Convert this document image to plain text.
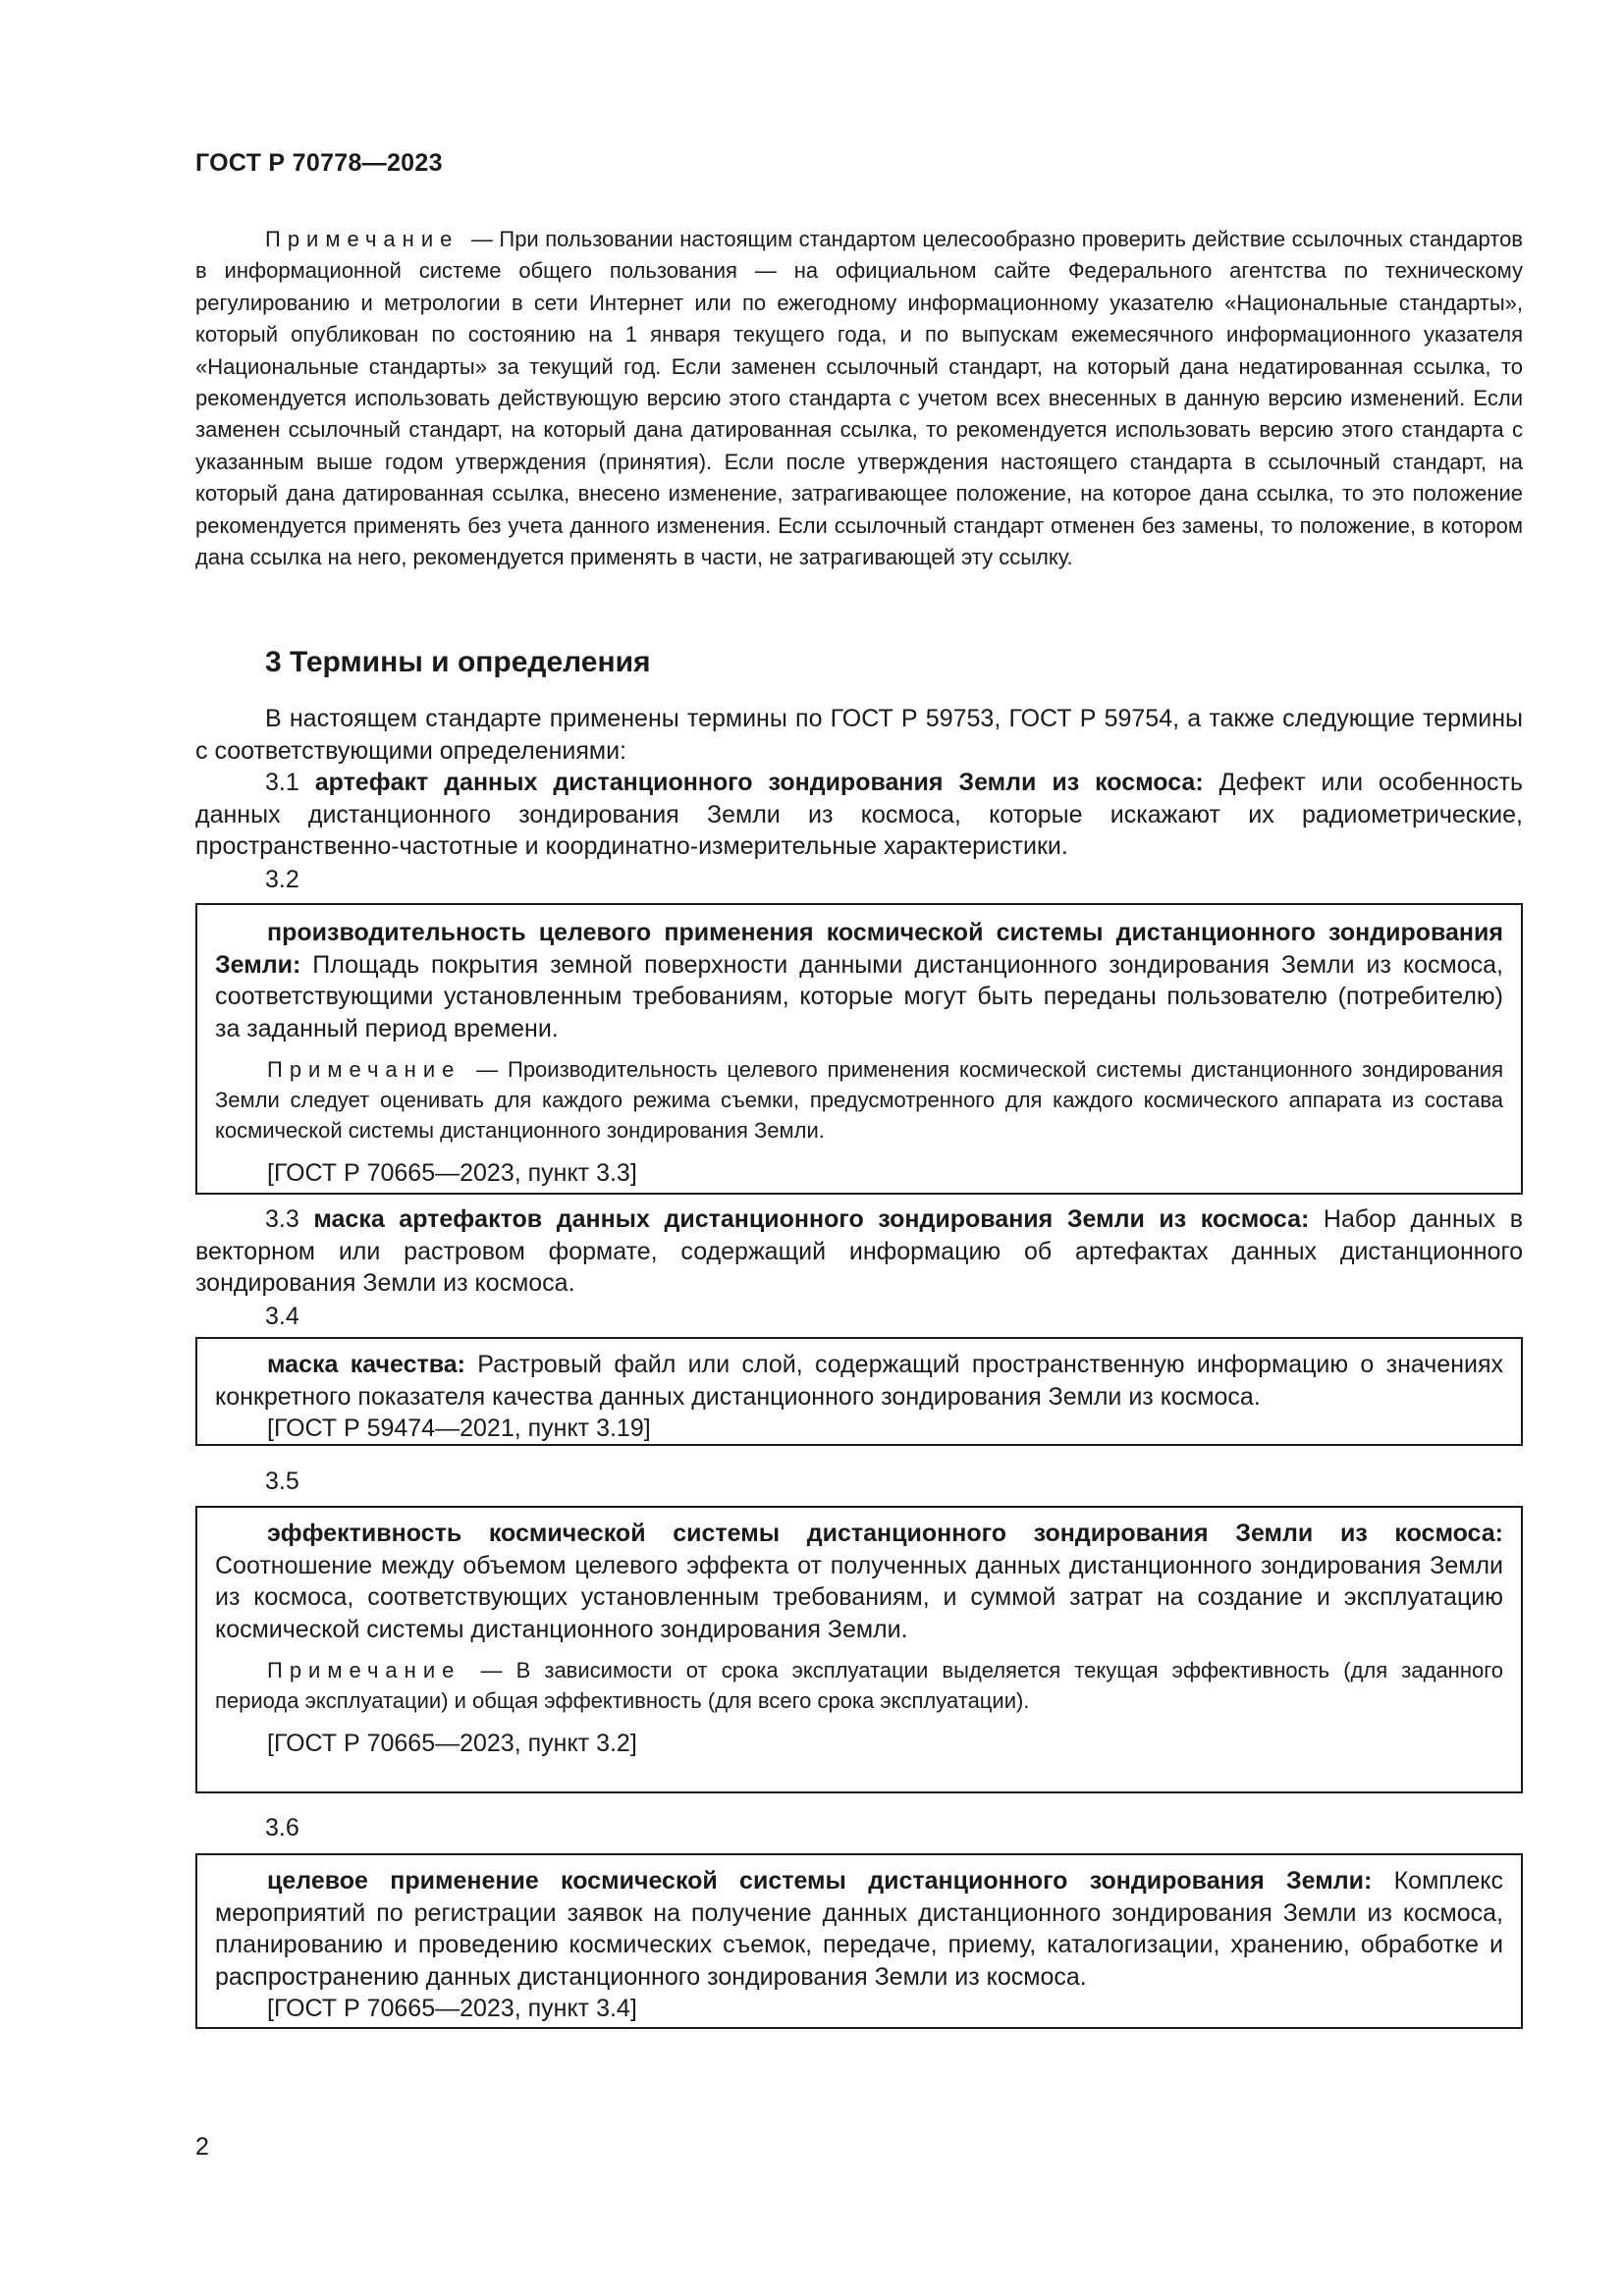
ГОСТ Р 70778—2023

Примечание — При пользовании настоящим стандартом целесообразно проверить действие ссылочных стандартов в информационной системе общего пользования — на официальном сайте Федерального агентства по техническому регулированию и метрологии в сети Интернет или по ежегодному информационному указателю «Национальные стандарты», который опубликован по состоянию на 1 января текущего года, и по выпускам ежемесячного информационного указателя «Национальные стандарты» за текущий год. Если заменен ссылочный стандарт, на который дана недатированная ссылка, то рекомендуется использовать действующую версию этого стандарта с учетом всех внесенных в данную версию изменений. Если заменен ссылочный стандарт, на который дана датированная ссылка, то рекомендуется использовать версию этого стандарта с указанным выше годом утверждения (принятия). Если после утверждения настоящего стандарта в ссылочный стандарт, на который дана датированная ссылка, внесено изменение, затрагивающее положение, на которое дана ссылка, то это положение рекомендуется применять без учета данного изменения. Если ссылочный стандарт отменен без замены, то положение, в котором дана ссылка на него, рекомендуется применять в части, не затрагивающей эту ссылку.

3 Термины и определения

В настоящем стандарте применены термины по ГОСТ Р 59753, ГОСТ Р 59754, а также следующие термины с соответствующими определениями:

3.1 артефакт данных дистанционного зондирования Земли из космоса: Дефект или особенность данных дистанционного зондирования Земли из космоса, которые искажают их радиометрические, пространственно-частотные и координатно-измерительные характеристики.

3.2

производительность целевого применения космической системы дистанционного зондирования Земли: Площадь покрытия земной поверхности данными дистанционного зондирования Земли из космоса, соответствующими установленным требованиям, которые могут быть переданы пользователю (потребителю) за заданный период времени.

Примечание — Производительность целевого применения космической системы дистанционного зондирования Земли следует оценивать для каждого режима съемки, предусмотренного для каждого космического аппарата из состава космической системы дистанционного зондирования Земли.

[ГОСТ Р 70665—2023, пункт 3.3]

3.3 маска артефактов данных дистанционного зондирования Земли из космоса: Набор данных в векторном или растровом формате, содержащий информацию об артефактах данных дистанционного зондирования Земли из космоса.

3.4

маска качества: Растровый файл или слой, содержащий пространственную информацию о значениях конкретного показателя качества данных дистанционного зондирования Земли из космоса.

[ГОСТ Р 59474—2021, пункт 3.19]

3.5

эффективность космической системы дистанционного зондирования Земли из космоса: Соотношение между объемом целевого эффекта от полученных данных дистанционного зондирования Земли из космоса, соответствующих установленным требованиям, и суммой затрат на создание и эксплуатацию космической системы дистанционного зондирования Земли.

Примечание — В зависимости от срока эксплуатации выделяется текущая эффективность (для заданного периода эксплуатации) и общая эффективность (для всего срока эксплуатации).

[ГОСТ Р 70665—2023, пункт 3.2]

3.6

целевое применение космической системы дистанционного зондирования Земли: Комплекс мероприятий по регистрации заявок на получение данных дистанционного зондирования Земли из космоса, планированию и проведению космических съемок, передаче, приему, каталогизации, хранению, обработке и распространению данных дистанционного зондирования Земли из космоса.

[ГОСТ Р 70665—2023, пункт 3.4]

2
